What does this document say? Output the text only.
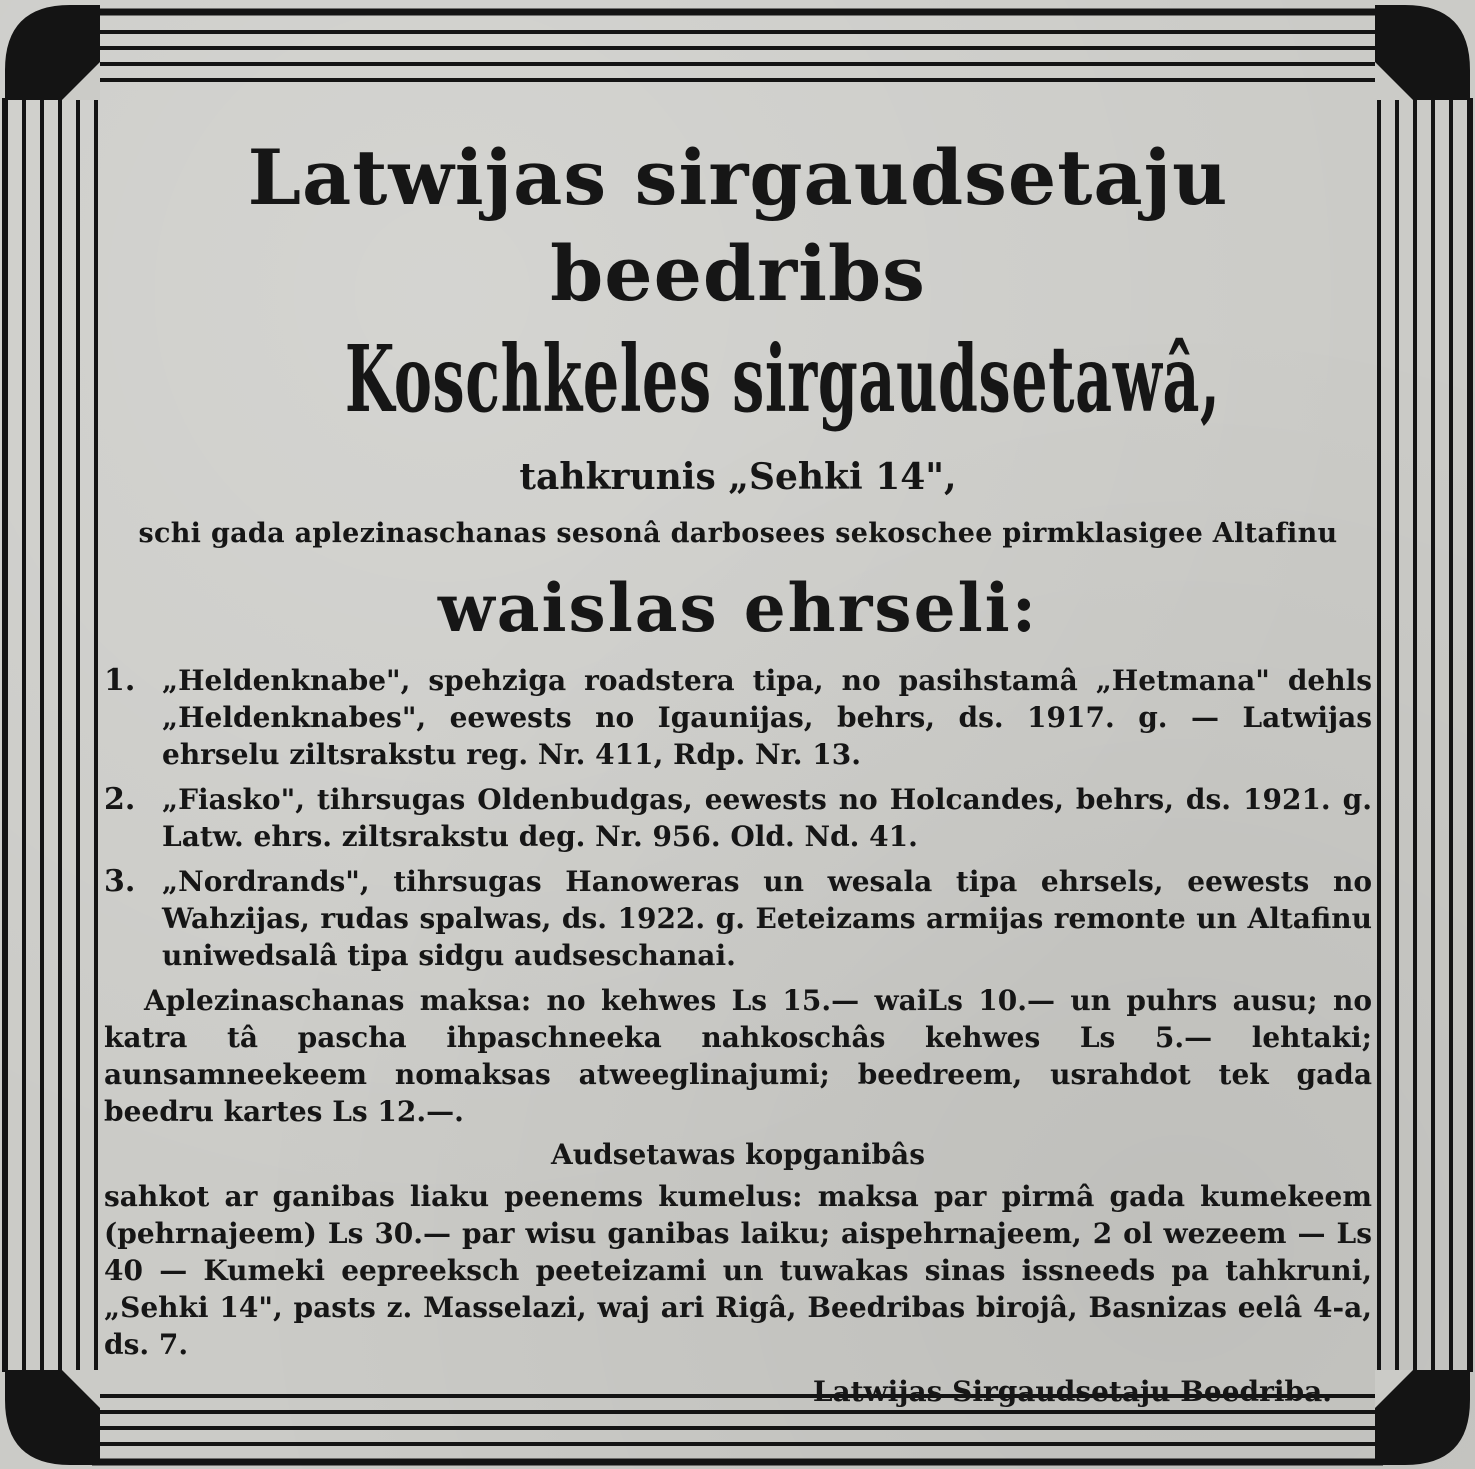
Latwijas sirgaudsetaju beedribs
Koschkeles sirgaudsetawâ,
tahkrunis „Sehki 14",
schi gada aplezinaschanas sesonâ darbosees sekoschee pirmklasigee Altafinu
waislas ehrseli:
1. „Heldenknabe", spehziga roadstera tipa, no pasihstamâ „Hetmana" dehls „Heldenknabes", eewests no Igaunijas, behrs, ds. 1917. g. — Latwijas ehrselu ziltsrakstu reg. Nr. 411, Rdp. Nr. 13.
2. „Fiasko", tihrsugas Oldenbudgas, eewests no Holcandes, behrs, ds. 1921. g. Latw. ehrs. ziltsrakstu deg. Nr. 956. Old. Nd. 41.
3. „Nordrands", tihrsugas Hanoweras un wesala tipa ehrsels, eewests no Wahzijas, rudas spalwas, ds. 1922. g. Eeteizams armijas remonte un Altafinu uniwedsalâ tipa sidgu audseschanai.
Aplezinaschanas maksa: no kehwes Ls 15.— waiLs 10.— un puhrs ausu; no katra tâ pascha ihpaschneeka nahkoschâs kehwes Ls 5.— lehtaki; aunsamneekeem nomaksas atweeglinajumi; beedreem, usrahdot tek gada beedru kartes Ls 12.—.
Audsetawas kopganibâs
sahkot ar ganibas liaku peenems kumelus: maksa par pirmâ gada kumekeem (pehrnajeem) Ls 30.— par wisu ganibas laiku; aispehrnajeem, 2 ol wezeem — Ls 40 — Kumeki eepreeksch peeteizami un tuwakas sinas issneeds pa tahkruni, „Sehki 14", pasts z. Masselazi, waj ari Rigâ, Beedribas birojâ, Basnizas eelâ 4-a, ds. 7.
Latwijas Sirgaudsetaju Beedriba.
